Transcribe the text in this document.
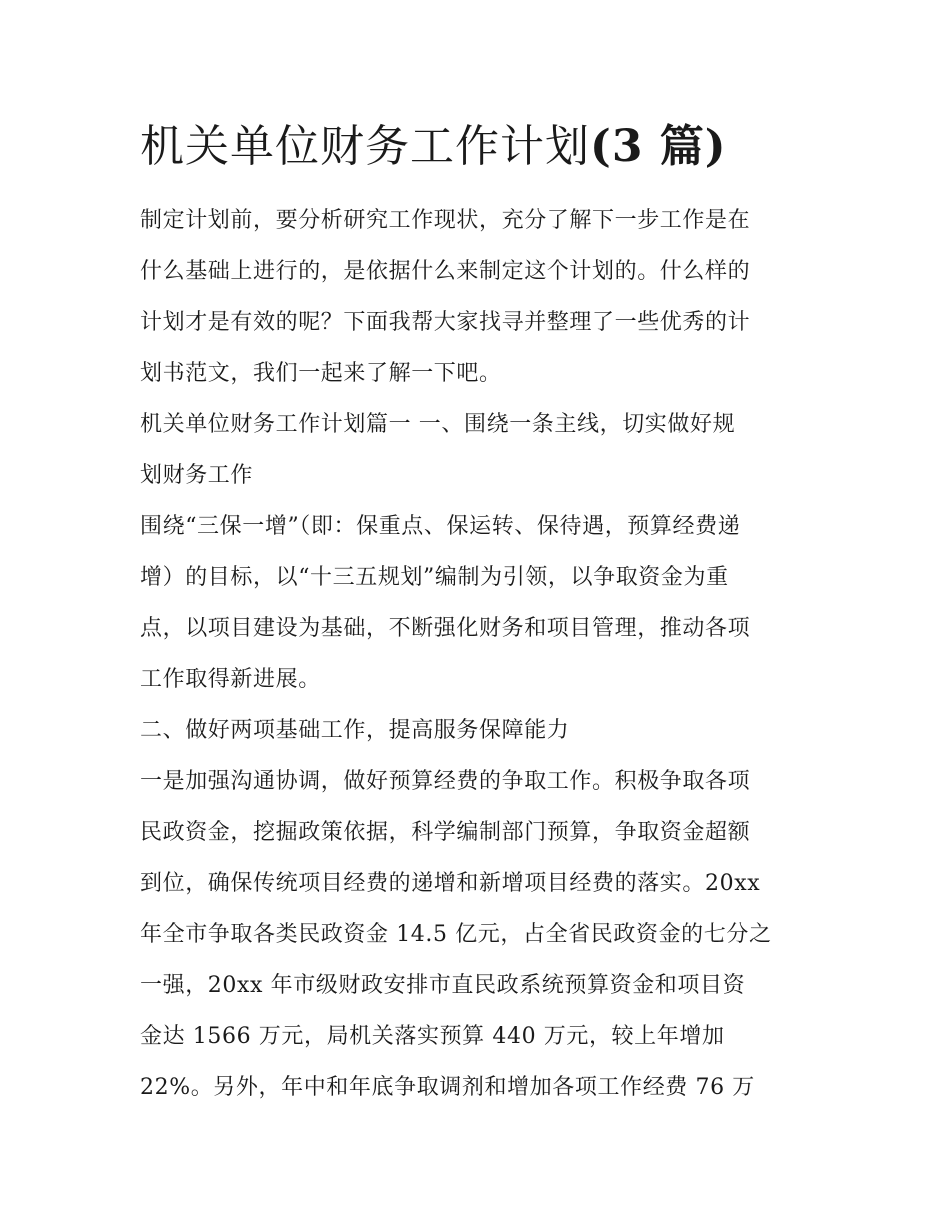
机关单位财务工作计划(3 篇)

制定计划前，要分析研究工作现状，充分了解下一步工作是在

什么基础上进行的，是依据什么来制定这个计划的。什么样的

计划才是有效的呢？下面我帮大家找寻并整理了一些优秀的计

划书范文，我们一起来了解一下吧。

机关单位财务工作计划篇一 一、围绕一条主线，切实做好规

划财务工作

围绕“三保一增”（即：保重点、保运转、保待遇，预算经费递

增）的目标，以“十三五规划”编制为引领，以争取资金为重

点，以项目建设为基础，不断强化财务和项目管理，推动各项

工作取得新进展。

二、做好两项基础工作，提高服务保障能力

一是加强沟通协调，做好预算经费的争取工作。积极争取各项

民政资金，挖掘政策依据，科学编制部门预算，争取资金超额

到位，确保传统项目经费的递增和新增项目经费的落实。20xx

年全市争取各类民政资金 14.5 亿元，占全省民政资金的七分之

一强，20xx 年市级财政安排市直民政系统预算资金和项目资

金达 1566 万元，局机关落实预算 440 万元，较上年增加

22%。另外，年中和年底争取调剂和增加各项工作经费 76 万
